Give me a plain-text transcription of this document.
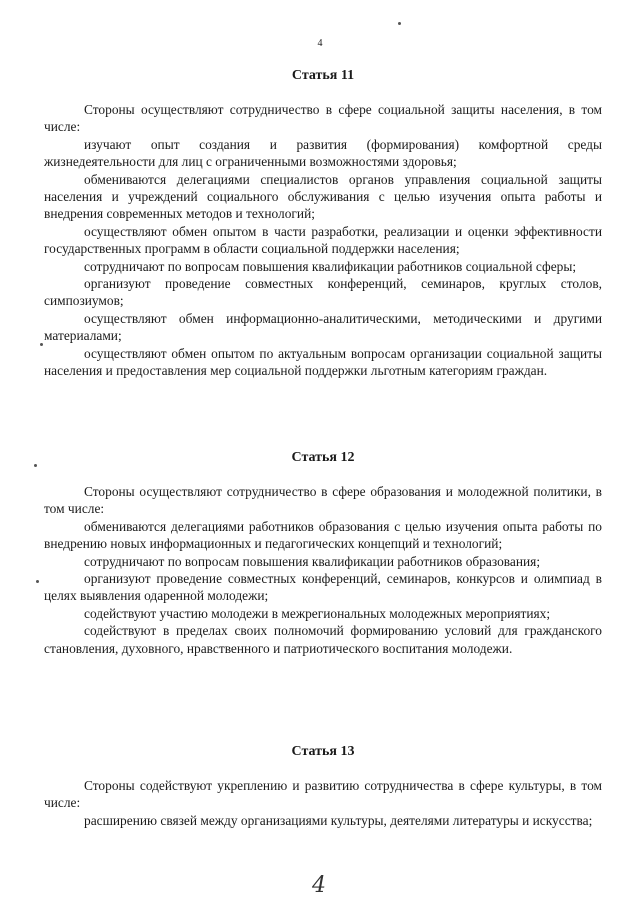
4
Статья 11

Стороны осуществляют сотрудничество в сфере социальной защиты населения, в том числе:

изучают опыт создания и развития (формирования) комфортной среды жизнедеятельности для лиц с ограниченными возможностями здоровья;

обмениваются делегациями специалистов органов управления социальной защиты населения и учреждений социального обслуживания с целью изучения опыта работы и внедрения современных методов и технологий;

осуществляют обмен опытом в части разработки, реализации и оценки эффективности государственных программ в области социальной поддержки населения;

сотрудничают по вопросам повышения квалификации работников социальной сферы;

организуют проведение совместных конференций, семинаров, круглых столов, симпозиумов;

осуществляют обмен информационно-аналитическими, методическими и другими материалами;

осуществляют обмен опытом по актуальным вопросам организации социальной защиты населения и предоставления мер социальной поддержки льготным категориям граждан.

Статья 12

Стороны осуществляют сотрудничество в сфере образования и молодежной политики, в том числе:

обмениваются делегациями работников образования с целью изучения опыта работы по внедрению новых информационных и педагогических концепций и технологий;

сотрудничают по вопросам повышения квалификации работников образования;

организуют проведение совместных конференций, семинаров, конкурсов и олимпиад в целях выявления одаренной молодежи;

содействуют участию молодежи в межрегиональных молодежных мероприятиях;

содействуют в пределах своих полномочий формированию условий для гражданского становления, духовного, нравственного и патриотического воспитания молодежи.

Статья 13

Стороны содействуют укреплению и развитию сотрудничества в сфере культуры, в том числе:

расширению связей между организациями культуры, деятелями литературы и искусства;

4
